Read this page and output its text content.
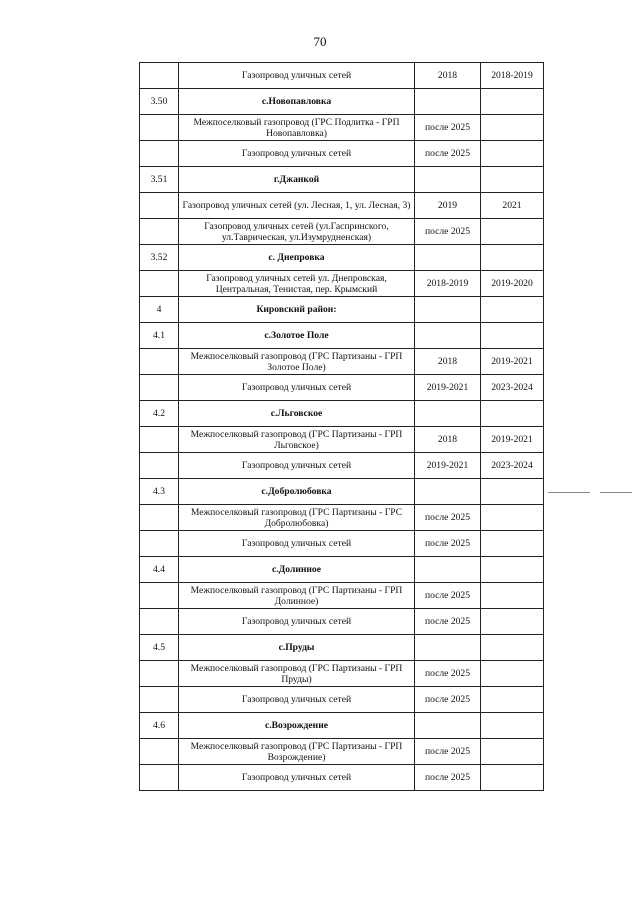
70
	Газопровод уличных сетей	2018	2018-2019
3.50	с.Новопавловка		
	Межпоселковый газопровод (ГРС Подлитка - ГРП Новопавловка)	после 2025	
	Газопровод уличных сетей	после 2025	
3.51	г.Джанкой		
	Газопровод уличных сетей (ул. Лесная, 1, ул. Лесная, 3)	2019	2021
	Газопровод уличных сетей (ул.Гаспринского, ул.Таврическая, ул.Изумрудненская)	после 2025	
3.52	с. Днепровка		
	Газопровод уличных сетей ул. Днепровская, Центральная, Тенистая, пер. Крымский	2018-2019	2019-2020
4	Кировский район:		
4.1	с.Золотое Поле		
	Межпоселковый газопровод (ГРС Партизаны - ГРП Золотое Поле)	2018	2019-2021
	Газопровод уличных сетей	2019-2021	2023-2024
4.2	с.Льговское		
	Межпоселковый газопровод (ГРС Партизаны - ГРП Льговское)	2018	2019-2021
	Газопровод уличных сетей	2019-2021	2023-2024
4.3	с.Добролюбовка		
	Межпоселковый газопровод (ГРС Партизаны - ГРС Добролюбовка)	после 2025	
	Газопровод уличных сетей	после 2025	
4.4	с.Долинное		
	Межпоселковый газопровод (ГРС Партизаны - ГРП Долинное)	после 2025	
	Газопровод уличных сетей	после 2025	
4.5	с.Пруды		
	Межпоселковый газопровод (ГРС Партизаны - ГРП Пруды)	после 2025	
	Газопровод уличных сетей	после 2025	
4.6	с.Возрождение		
	Межпоселковый газопровод (ГРС Партизаны - ГРП Возрождение)	после 2025	
	Газопровод уличных сетей	после 2025	
